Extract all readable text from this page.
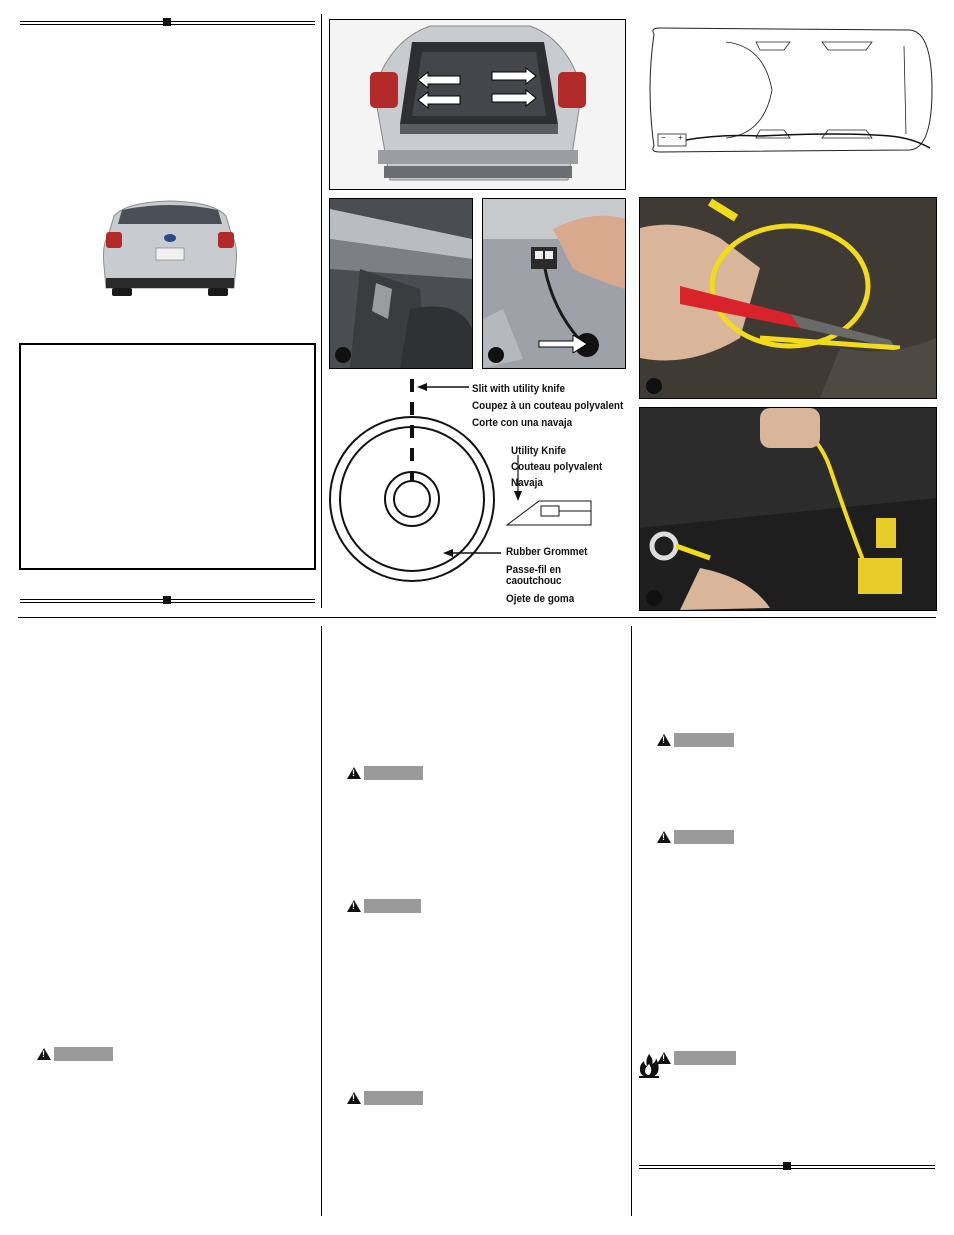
− +
Slit with utility knife
Coupez à un couteau polyvalent
Corte con una navaja
Utility Knife
Couteau polyvalent
Navaja
Rubber Grommet
Passe-fil en
caoutchouc
Ojete de goma
!
!
!
!
!
!
!
